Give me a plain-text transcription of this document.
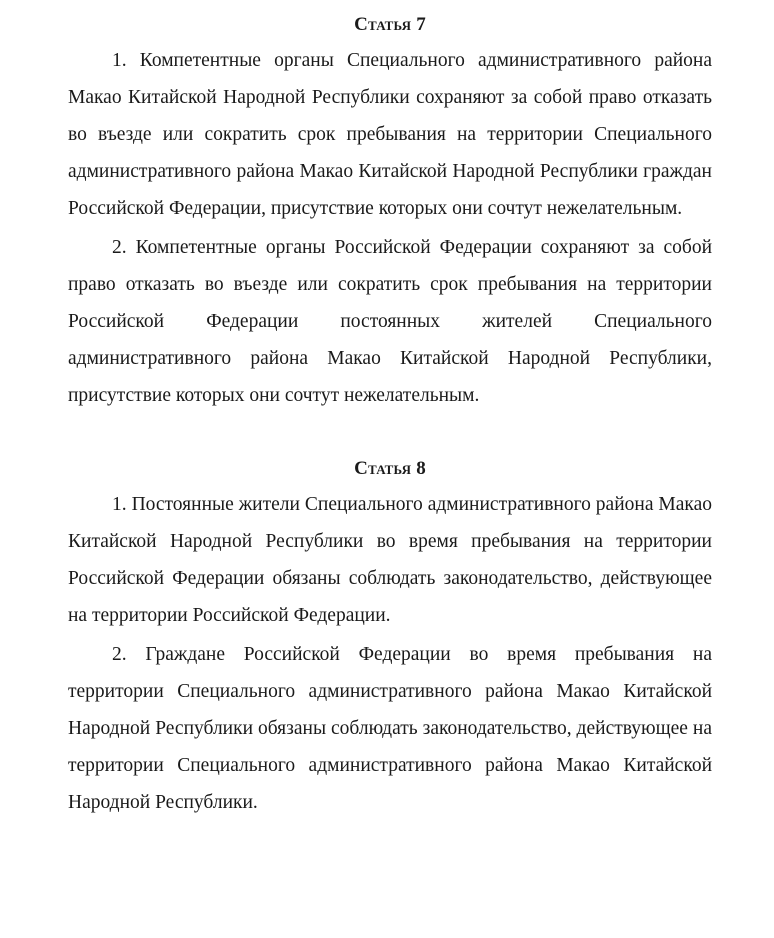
Статья 7

1. Компетентные органы Специального административного района Макао Китайской Народной Республики сохраняют за собой право отказать во въезде или сократить срок пребывания на территории Специального административного района Макао Китайской Народной Республики граждан Российской Федерации, присутствие которых они сочтут нежелательным.

2. Компетентные органы Российской Федерации сохраняют за собой право отказать во въезде или сократить срок пребывания на территории Российской Федерации постоянных жителей Специального административного района Макао Китайской Народной Республики, присутствие которых они сочтут нежелательным.

Статья 8

1. Постоянные жители Специального административного района Макао Китайской Народной Республики во время пребывания на территории Российской Федерации обязаны соблюдать законодательство, действующее на территории Российской Федерации.

2. Граждане Российской Федерации во время пребывания на территории Специального административного района Макао Китайской Народной Республики обязаны соблюдать законодательство, действующее на территории Специального административного района Макао Китайской Народной Республики.
